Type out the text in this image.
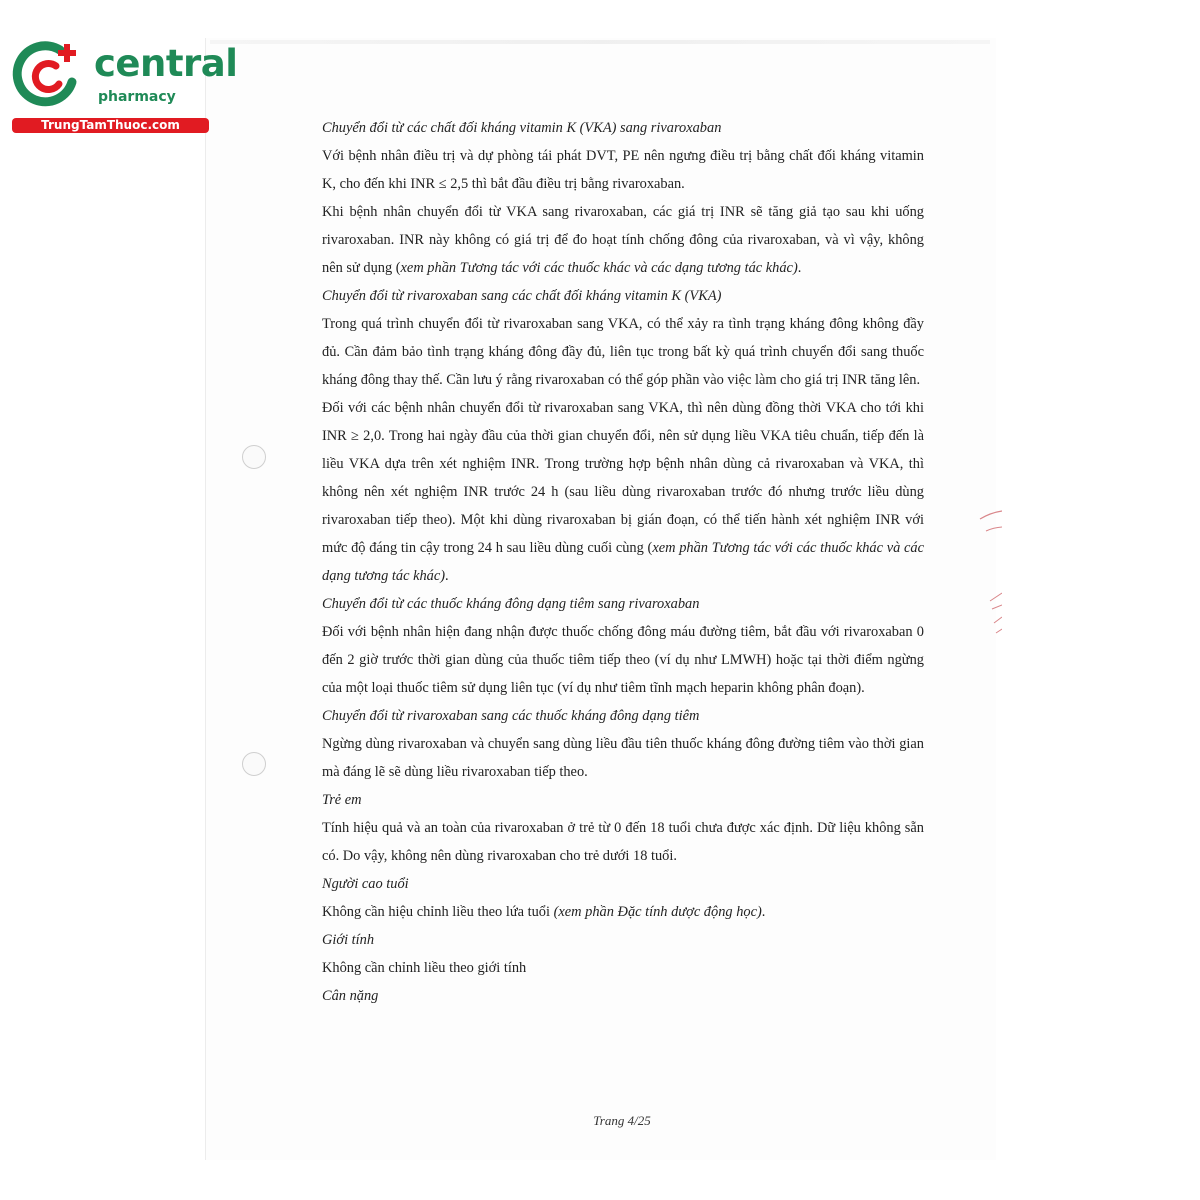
central
pharmacy
TrungTamThuoc.com	Chuyển đổi từ các chất đối kháng vitamin K (VKA) sang rivaroxaban

Với bệnh nhân điều trị và dự phòng tái phát DVT, PE nên ngưng điều trị bằng chất đối kháng vitamin K, cho đến khi INR ≤ 2,5 thì bắt đầu điều trị bằng rivaroxaban.

Khi bệnh nhân chuyển đổi từ VKA sang rivaroxaban, các giá trị INR sẽ tăng giả tạo sau khi uống rivaroxaban. INR này không có giá trị để đo hoạt tính chống đông của rivaroxaban, và vì vậy, không nên sử dụng (xem phần Tương tác với các thuốc khác và các dạng tương tác khác).

Chuyển đổi từ rivaroxaban sang các chất đối kháng vitamin K (VKA)

Trong quá trình chuyển đổi từ rivaroxaban sang VKA, có thể xảy ra tình trạng kháng đông không đầy đủ. Cần đảm bảo tình trạng kháng đông đầy đủ, liên tục trong bất kỳ quá trình chuyển đổi sang thuốc kháng đông thay thế. Cần lưu ý rằng rivaroxaban có thể góp phần vào việc làm cho giá trị INR tăng lên.

Đối với các bệnh nhân chuyển đổi từ rivaroxaban sang VKA, thì nên dùng đồng thời VKA cho tới khi INR ≥ 2,0. Trong hai ngày đầu của thời gian chuyển đổi, nên sử dụng liều VKA tiêu chuẩn, tiếp đến là liều VKA dựa trên xét nghiệm INR. Trong trường hợp bệnh nhân dùng cả rivaroxaban và VKA, thì không nên xét nghiệm INR trước 24 h (sau liều dùng rivaroxaban trước đó nhưng trước liều dùng rivaroxaban tiếp theo). Một khi dùng rivaroxaban bị gián đoạn, có thể tiến hành xét nghiệm INR với mức độ đáng tin cậy trong 24 h sau liều dùng cuối cùng (xem phần Tương tác với các thuốc khác và các dạng tương tác khác).

Chuyển đổi từ các thuốc kháng đông dạng tiêm sang rivaroxaban

Đối với bệnh nhân hiện đang nhận được thuốc chống đông máu đường tiêm, bắt đầu với rivaroxaban 0 đến 2 giờ trước thời gian dùng của thuốc tiêm tiếp theo (ví dụ như LMWH) hoặc tại thời điểm ngừng của một loại thuốc tiêm sử dụng liên tục (ví dụ như tiêm tĩnh mạch heparin không phân đoạn).

Chuyển đổi từ rivaroxaban sang các thuốc kháng đông dạng tiêm

Ngừng dùng rivaroxaban và chuyển sang dùng liều đầu tiên thuốc kháng đông đường tiêm vào thời gian mà đáng lẽ sẽ dùng liều rivaroxaban tiếp theo.

Trẻ em

Tính hiệu quả và an toàn của rivaroxaban ở trẻ từ 0 đến 18 tuổi chưa được xác định. Dữ liệu không sẵn có. Do vậy, không nên dùng rivaroxaban cho trẻ dưới 18 tuổi.

Người cao tuổi

Không cần hiệu chỉnh liều theo lứa tuổi (xem phần Đặc tính dược động học).

Giới tính

Không cần chỉnh liều theo giới tính

Cân nặng

Trang 4/25
